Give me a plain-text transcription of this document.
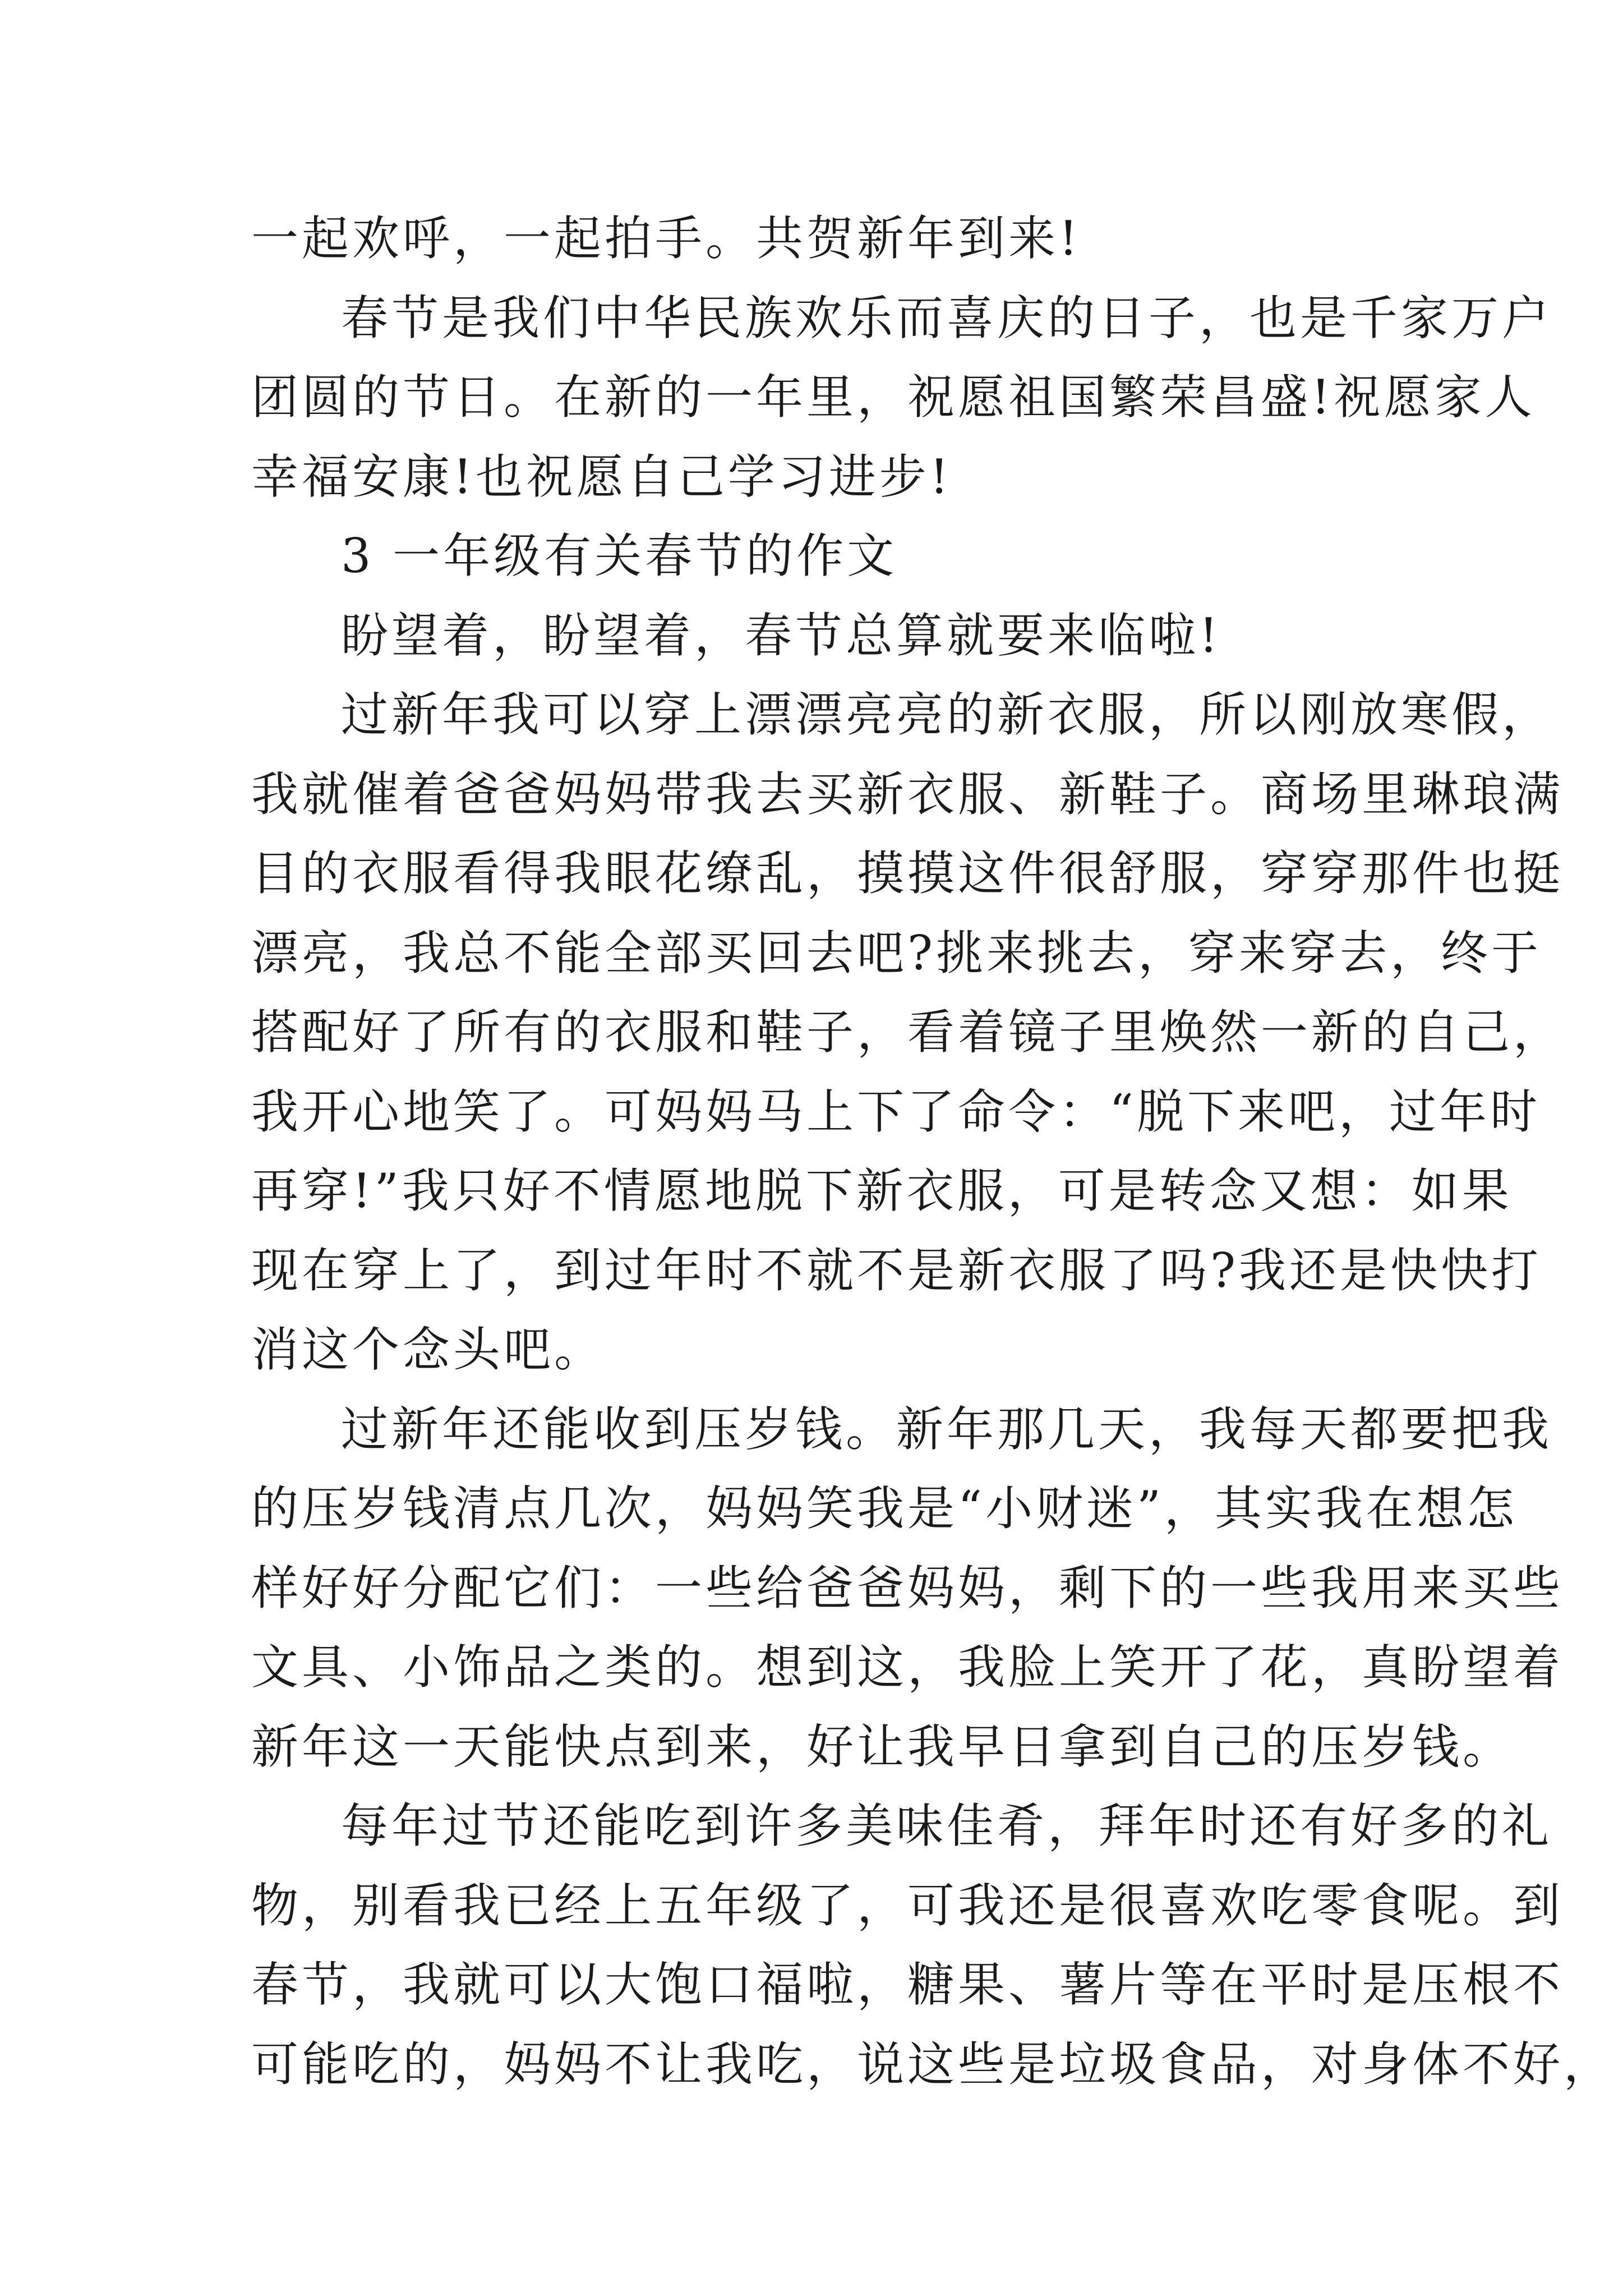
一起欢呼，一起拍手。共贺新年到来!
春节是我们中华民族欢乐而喜庆的日子，也是千家万户
团圆的节日。在新的一年里，祝愿祖国繁荣昌盛!祝愿家人
幸福安康!也祝愿自己学习进步!
3 一年级有关春节的作文
盼望着，盼望着，春节总算就要来临啦!
过新年我可以穿上漂漂亮亮的新衣服，所以刚放寒假，
我就催着爸爸妈妈带我去买新衣服、新鞋子。商场里琳琅满
目的衣服看得我眼花缭乱，摸摸这件很舒服，穿穿那件也挺
漂亮，我总不能全部买回去吧?挑来挑去，穿来穿去，终于
搭配好了所有的衣服和鞋子，看着镜子里焕然一新的自己，
我开心地笑了。可妈妈马上下了命令：“脱下来吧，过年时
再穿!”我只好不情愿地脱下新衣服，可是转念又想：如果
现在穿上了，到过年时不就不是新衣服了吗?我还是快快打
消这个念头吧。
过新年还能收到压岁钱。新年那几天，我每天都要把我
的压岁钱清点几次，妈妈笑我是“小财迷”，其实我在想怎
样好好分配它们：一些给爸爸妈妈，剩下的一些我用来买些
文具、小饰品之类的。想到这，我脸上笑开了花，真盼望着
新年这一天能快点到来，好让我早日拿到自己的压岁钱。
每年过节还能吃到许多美味佳肴，拜年时还有好多的礼
物，别看我已经上五年级了，可我还是很喜欢吃零食呢。到
春节，我就可以大饱口福啦，糖果、薯片等在平时是压根不
可能吃的，妈妈不让我吃，说这些是垃圾食品，对身体不好，
